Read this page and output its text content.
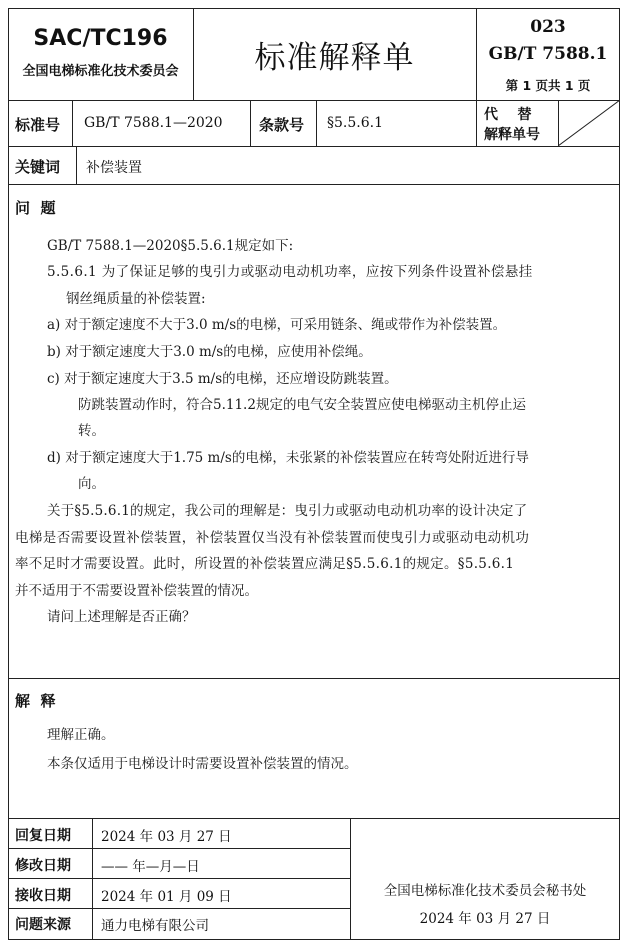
SAC/TC196
全国电梯标准化技术委员会	标准解释单
023
GB/T 7588.1
第 1 页共 1 页
标准号 GB/T 7588.1—2020 条款号 §5.5.6.1	代    替
解释单号
关键词 补偿装置
问  题
GB/T 7588.1—2020§5.5.6.1规定如下:
5.5.6.1 为了保证足够的曳引力或驱动电动机功率，应按下列条件设置补偿悬挂
钢丝绳质量的补偿装置:
a) 对于额定速度不大于3.0 m/s的电梯，可采用链条、绳或带作为补偿装置。
b) 对于额定速度大于3.0 m/s的电梯，应使用补偿绳。
c) 对于额定速度大于3.5 m/s的电梯，还应增设防跳装置。
防跳装置动作时，符合5.11.2规定的电气安全装置应使电梯驱动主机停止运
转。
d) 对于额定速度大于1.75 m/s的电梯，未张紧的补偿装置应在转弯处附近进行导
向。
关于§5.5.6.1的规定，我公司的理解是：曳引力或驱动电动机功率的设计决定了
电梯是否需要设置补偿装置，补偿装置仅当没有补偿装置而使曳引力或驱动电动机功
率不足时才需要设置。此时，所设置的补偿装置应满足§5.5.6.1的规定。§5.5.6.1
并不适用于不需要设置补偿装置的情况。
请问上述理解是否正确？
解  释
理解正确。
本条仅适用于电梯设计时需要设置补偿装置的情况。
回复日期 2024 年 03 月 27 日
修改日期 —— 年—月—日
接收日期 2024 年 01 月 09 日
问题来源 通力电梯有限公司
全国电梯标准化技术委员会秘书处
2024 年 03 月 27 日
